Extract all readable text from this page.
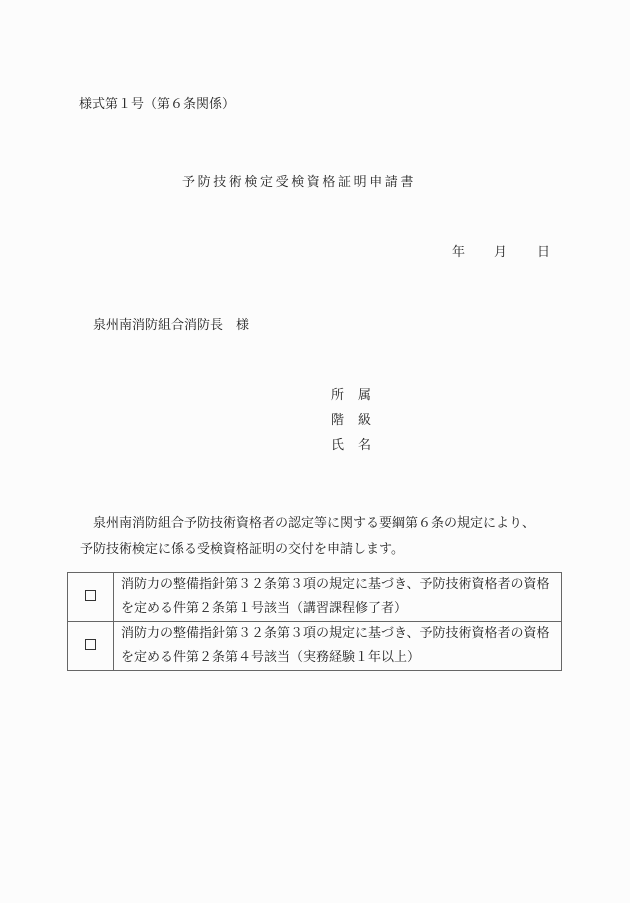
様式第１号（第６条関係）
予防技術検定受検資格証明申請書
年 月 日
泉州南消防組合消防長 様
所 属
階 級
氏 名
泉州南消防組合予防技術資格者の認定等に関する要綱第６条の規定により、
予防技術検定に係る受検資格証明の交付を申請します。

	消防力の整備指針第３２条第３項の規定に基づき、予防技術資格者の資格
を定める件第２条第１号該当（講習課程修了者）

	消防力の整備指針第３２条第３項の規定に基づき、予防技術資格者の資格
を定める件第２条第４号該当（実務経験１年以上）
